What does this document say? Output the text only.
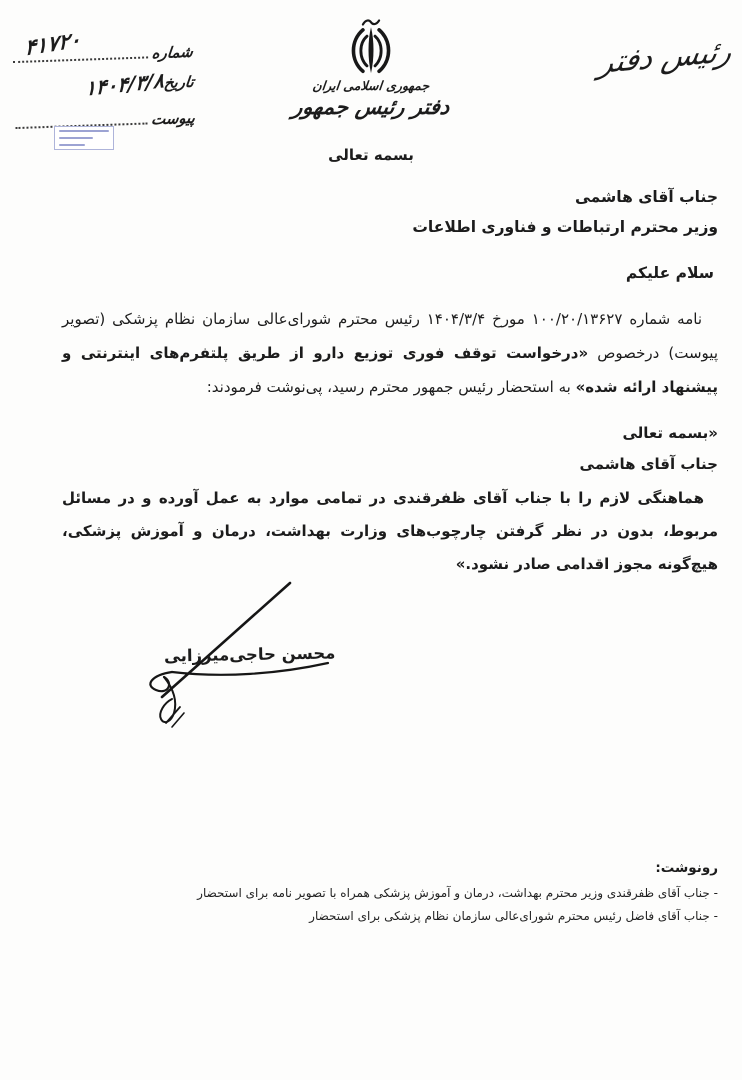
شماره
۴۱۷۲۰
تاریخ
۱۴۰۴/۳/۸
پیوست
جمهوری اسلامی ایران
دفتر رئیس جمهور
رئیس دفتر
بسمه تعالی
جناب آقای هاشمی
وزیر محترم ارتباطات و فناوری اطلاعات
سلام علیکم

نامه شماره ۱۰۰/۲۰/۱۳۶۲۷ مورخ ۱۴۰۴/۳/۴ رئیس محترم شورای‌عالی سازمان نظام پزشکی (تصویر پیوست) درخصوص «درخواست توقف فوری توزیع دارو از طریق پلتفرم‌های اینترنتی و پیشنهاد ارائه شده» به استحضار رئیس جمهور محترم رسید، پی‌نوشت فرمودند:

«بسمه تعالی
جناب آقای هاشمی

هماهنگی لازم را با جناب آقای ظفرقندی در تمامی موارد به عمل آورده و در مسائل مربوط، بدون در نظر گرفتن چارچوب‌های وزارت بهداشت، درمان و آموزش پزشکی، هیچ‌گونه مجوز اقدامی صادر نشود.»

محسن حاجی‌میرزایی
رونوشت:
- جناب آقای ظفرقندی وزیر محترم بهداشت، درمان و آموزش پزشکی همراه با تصویر نامه برای استحضار
- جناب آقای فاضل رئیس محترم شورای‌عالی سازمان نظام پزشکی برای استحضار
